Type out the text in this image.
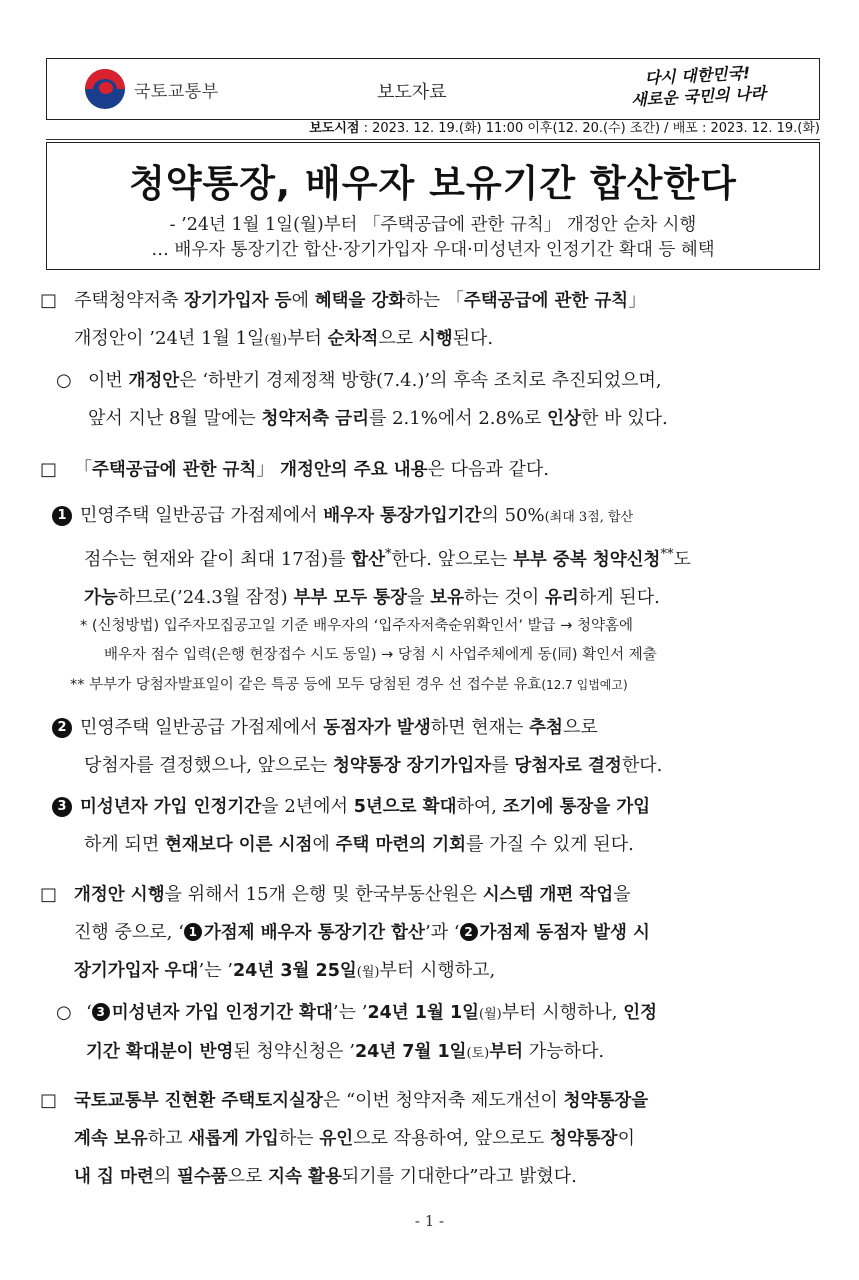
국토교통부	보도자료
다시 대한민국!
새로운 국민의 나라
보도시점 : 2023. 12. 19.(화) 11:00 이후(12. 20.(수) 조간) / 배포 : 2023. 12. 19.(화)
청약통장, 배우자 보유기간 합산한다
- ’24년 1월 1일(월)부터 「주택공급에 관한 규칙」 개정안 순차 시행
… 배우자 통장기간 합산·장기가입자 우대·미성년자 인정기간 확대 등 혜택
□ 주택청약저축 장기가입자 등에 혜택을 강화하는 「주택공급에 관한 규칙」
개정안이 ’24년 1월 1일(월)부터 순차적으로 시행된다.
○ 이번 개정안은 ‘하반기 경제정책 방향(7.4.)’의 후속 조치로 추진되었으며,
앞서 지난 8월 말에는 청약저축 금리를 2.1%에서 2.8%로 인상한 바 있다.
□ 「주택공급에 관한 규칙」 개정안의 주요 내용은 다음과 같다.
1 민영주택 일반공급 가점제에서 배우자 통장가입기간의 50%(최대 3점, 합산
점수는 현재와 같이 최대 17점)를 합산*한다. 앞으로는 부부 중복 청약신청**도
가능하므로(’24.3월 잠정) 부부 모두 통장을 보유하는 것이 유리하게 된다.
* (신청방법) 입주자모집공고일 기준 배우자의 ‘입주자저축순위확인서’ 발급 → 청약홈에
배우자 점수 입력(은행 현장접수 시도 동일) → 당첨 시 사업주체에게 동(同) 확인서 제출
** 부부가 당첨자발표일이 같은 특공 등에 모두 당첨된 경우 선 접수분 유효(12.7 입법예고)
2 민영주택 일반공급 가점제에서 동점자가 발생하면 현재는 추첨으로
당첨자를 결정했으나, 앞으로는 청약통장 장기가입자를 당첨자로 결정한다.
3 미성년자 가입 인정기간을 2년에서 5년으로 확대하여, 조기에 통장을 가입
하게 되면 현재보다 이른 시점에 주택 마련의 기회를 가질 수 있게 된다.
□ 개정안 시행을 위해서 15개 은행 및 한국부동산원은 시스템 개편 작업을
진행 중으로, ‘ 1 가점제 배우자 통장기간 합산’과 ‘ 2 가점제 동점자 발생 시
장기가입자 우대’는 ’24년 3월 25일(월)부터 시행하고,
○ ‘ 3 미성년자 가입 인정기간 확대’는 ’24년 1월 1일(월)부터 시행하나, 인정
기간 확대분이 반영된 청약신청은 ’24년 7월 1일(토)부터 가능하다.
□ 국토교통부 진현환 주택토지실장은 “이번 청약저축 제도개선이 청약통장을
계속 보유하고 새롭게 가입하는 유인으로 작용하여, 앞으로도 청약통장이
내 집 마련의 필수품으로 지속 활용되기를 기대한다”라고 밝혔다.
- 1 -
